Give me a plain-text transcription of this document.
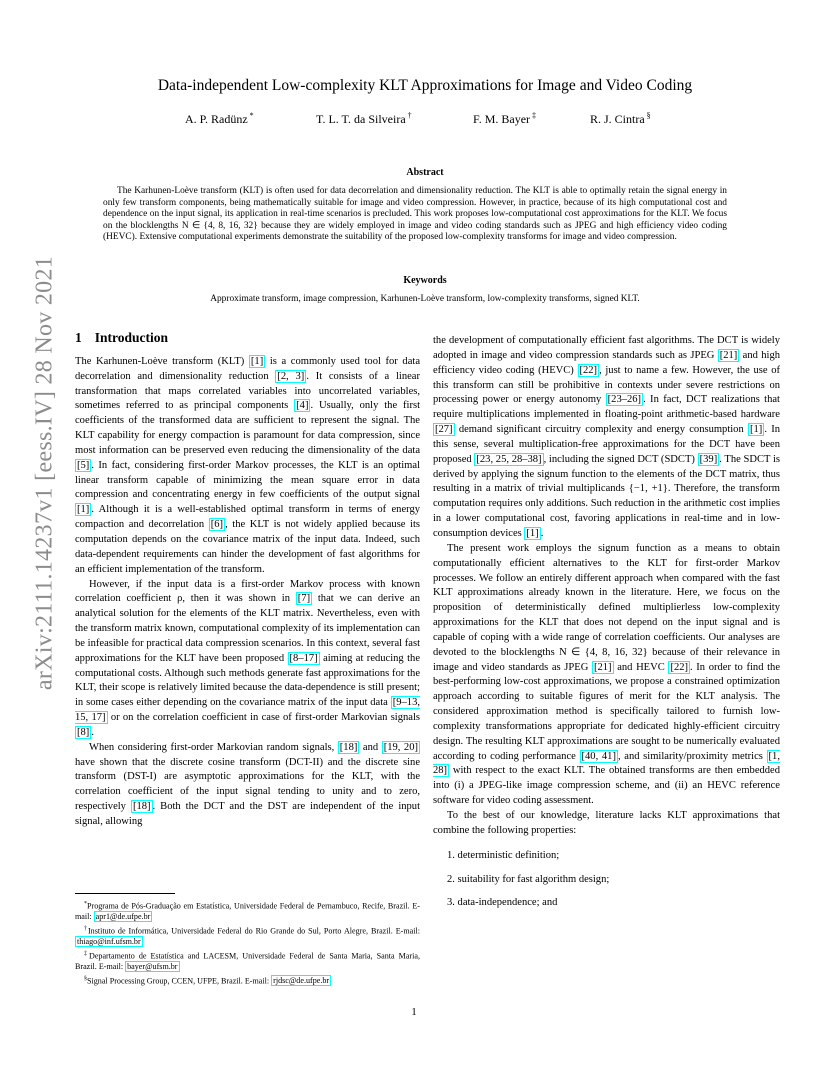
arXiv:2111.14237v1 [eess.IV] 28 Nov 2021
Data-independent Low-complexity KLT Approximations for Image and Video Coding
A. P. Radünz *	T. L. T. da Silveira †	F. M. Bayer ‡	R. J. Cintra §
Abstract

The Karhunen-Loève transform (KLT) is often used for data decorrelation and dimensionality reduction. The KLT is able to optimally retain the signal energy in only few transform components, being mathematically suitable for image and video compression. However, in practice, because of its high computational cost and dependence on the input signal, its application in real-time scenarios is precluded. This work proposes low-computational cost approximations for the KLT. We focus on the blocklengths N ∈ {4, 8, 16, 32} because they are widely employed in image and video coding standards such as JPEG and high efficiency video coding (HEVC). Extensive computational experiments demonstrate the suitability of the proposed low-complexity transforms for image and video compression.

Keywords
Approximate transform, image compression, Karhunen-Loève transform, low-complexity transforms, signed KLT.
1 Introduction

The Karhunen-Loève transform (KLT) [1] is a commonly used tool for data decorrelation and dimensionality reduction [2, 3] . It consists of a linear transformation that maps correlated variables into uncorrelated variables, sometimes referred to as principal components [4] . Usually, only the first coefficients of the transformed data are sufficient to represent the signal. The KLT capability for energy compaction is paramount for data compression, since most information can be preserved even reducing the dimensionality of the data [5] . In fact, considering first-order Markov processes, the KLT is an optimal linear transform capable of minimizing the mean square error in data compression and concentrating energy in few coefficients of the output signal [1] . Although it is a well-established optimal transform in terms of energy compaction and decorrelation [6] , the KLT is not widely applied because its computation depends on the covariance matrix of the input data. Indeed, such data-dependent requirements can hinder the development of fast algorithms for an efficient implementation of the transform.

However, if the input data is a first-order Markov process with known correlation coefficient ρ, then it was shown in [7] that we can derive an analytical solution for the elements of the KLT matrix. Nevertheless, even with the transform matrix known, computational complexity of its implementation can be infeasible for practical data compression scenarios. In this context, several fast approximations for the KLT have been proposed [8–17] aiming at reducing the computational costs. Although such methods generate fast approximations for the KLT, their scope is relatively limited because the data-dependence is still present; in some cases either depending on the covariance matrix of the input data [9–13, 15, 17] or on the correlation coefficient in case of first-order Markovian signals [8] .

When considering first-order Markovian random signals, [18] and [19, 20] have shown that the discrete cosine transform (DCT-II) and the discrete sine transform (DST-I) are asymptotic approximations for the KLT, with the correlation coefficient of the input signal tending to unity and to zero, respectively [18] . Both the DCT and the DST are independent of the input signal, allowing

the development of computationally efficient fast algorithms. The DCT is widely adopted in image and video compression standards such as JPEG [21] and high efficiency video coding (HEVC) [22] , just to name a few. However, the use of this transform can still be prohibitive in contexts under severe restrictions on processing power or energy autonomy [23–26] . In fact, DCT realizations that require multiplications implemented in floating-point arithmetic-based hardware [27] demand significant circuitry complexity and energy consumption [1] . In this sense, several multiplication-free approximations for the DCT have been proposed [23, 25, 28–38] , including the signed DCT (SDCT) [39] . The SDCT is derived by applying the signum function to the elements of the DCT matrix, thus resulting in a matrix of trivial multiplicands {−1, +1}. Therefore, the transform computation requires only additions. Such reduction in the arithmetic cost implies in a lower computational cost, favoring applications in real-time and in low-consumption devices [1] .

The present work employs the signum function as a means to obtain computationally efficient alternatives to the KLT for first-order Markov processes. We follow an entirely different approach when compared with the fast KLT approximations already known in the literature. Here, we focus on the proposition of deterministically defined multiplierless low-complexity approximations for the KLT that does not depend on the input signal and is capable of coping with a wide range of correlation coefficients. Our analyses are devoted to the blocklengths N ∈ {4, 8, 16, 32} because of their relevance in image and video standards as JPEG [21] and HEVC [22] . In order to find the best-performing low-cost approximations, we propose a constrained optimization approach according to suitable figures of merit for the KLT analysis. The considered approximation method is specifically tailored to furnish low-complexity transformations appropriate for dedicated highly-efficient circuitry design. The resulting KLT approximations are sought to be numerically evaluated according to coding performance [40, 41] , and similarity/proximity metrics [1, 28] with respect to the exact KLT. The obtained transforms are then embedded into (i) a JPEG-like image compression scheme, and (ii) an HEVC reference software for video coding assessment.

To the best of our knowledge, literature lacks KLT approximations that combine the following properties:

1. deterministic definition;
2. suitability for fast algorithm design;
3. data-independence; and

*Programa de Pós-Graduação em Estatística, Universidade Federal de Pernambuco, Recife, Brazil. E-mail: apr1@de.ufpe.br

†Instituto de Informática, Universidade Federal do Rio Grande do Sul, Porto Alegre, Brazil. E-mail: thiago@inf.ufsm.br

‡Departamento de Estatística and LACESM, Universidade Federal de Santa Maria, Santa Maria, Brazil. E-mail: bayer@ufsm.br

§Signal Processing Group, CCEN, UFPE, Brazil. E-mail: rjdsc@de.ufpe.br

1
